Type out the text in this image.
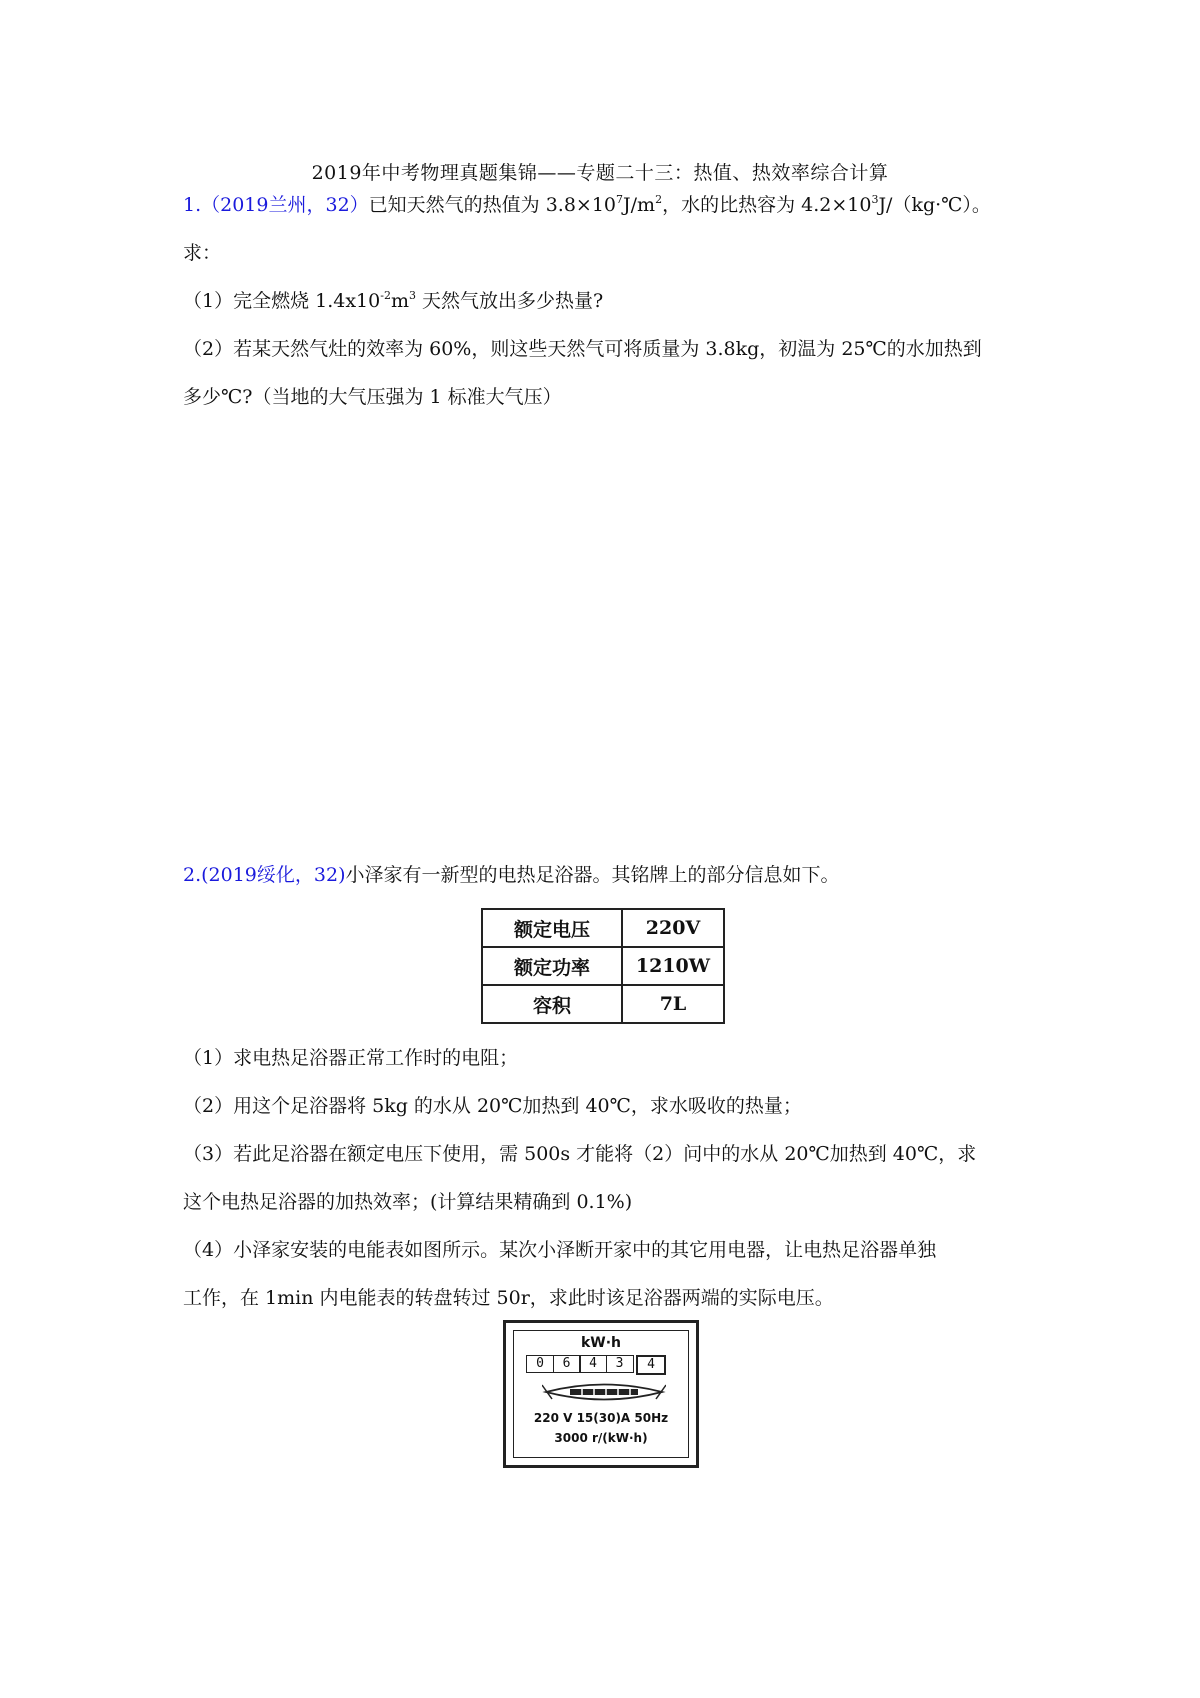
2019年中考物理真题集锦——专题二十三：热值、热效率综合计算
1.（2019兰州，32）已知天然气的热值为 $3.8\times 10^7J/m^2$，水的比热容为 $4.2\times 10^3J/(kg\cdot℃)$。
求：
（1）完全燃烧 $1.4x10^{-2}m^3$ 天然气放出多少热量?
（2）若某天然气灶的效率为 60%，则这些天然气可将质量为 3.8kg，初温为 25℃的水加热到
多少℃?（当地的大气压强为 1 标准大气压）
2.(2019绥化，32)小泽家有一新型的电热足浴器。其铭牌上的部分信息如下。
额定电压	220V
额定功率	1210W
容积	7L
（1）求电热足浴器正常工作时的电阻；
（2）用这个足浴器将 5kg 的水从 20℃加热到 40℃，求水吸收的热量；
（3）若此足浴器在额定电压下使用，需 500s 才能将（2）问中的水从 20℃加热到 40℃，求
这个电热足浴器的加热效率；(计算结果精确到 0.1%)
（4）小泽家安装的电能表如图所示。某次小泽断开家中的其它用电器，让电热足浴器单独
工作，在 1min 内电能表的转盘转过 50r，求此时该足浴器两端的实际电压。
kW·h
0	6	4	3	4
220 V 15(30)A 50Hz
3000 r/(kW·h)
